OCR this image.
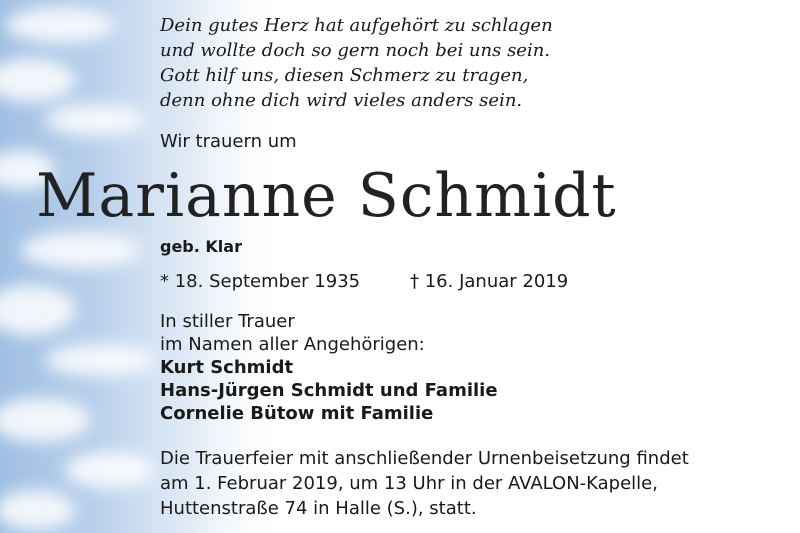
Dein gutes Herz hat aufgehört zu schlagen
und wollte doch so gern noch bei uns sein.
Gott hilf uns, diesen Schmerz zu tragen,
denn ohne dich wird vieles anders sein.
Wir trauern um
Marianne Schmidt
geb. Klar
* 18. September 1935	† 16. Januar 2019
In stiller Trauer
im Namen aller Angehörigen:
Kurt Schmidt
Hans-Jürgen Schmidt und Familie
Cornelie Bütow mit Familie
Die Trauerfeier mit anschließender Urnenbeisetzung findet
am 1. Februar 2019, um 13 Uhr in der AVALON-Kapelle,
Huttenstraße 74 in Halle (S.), statt.
